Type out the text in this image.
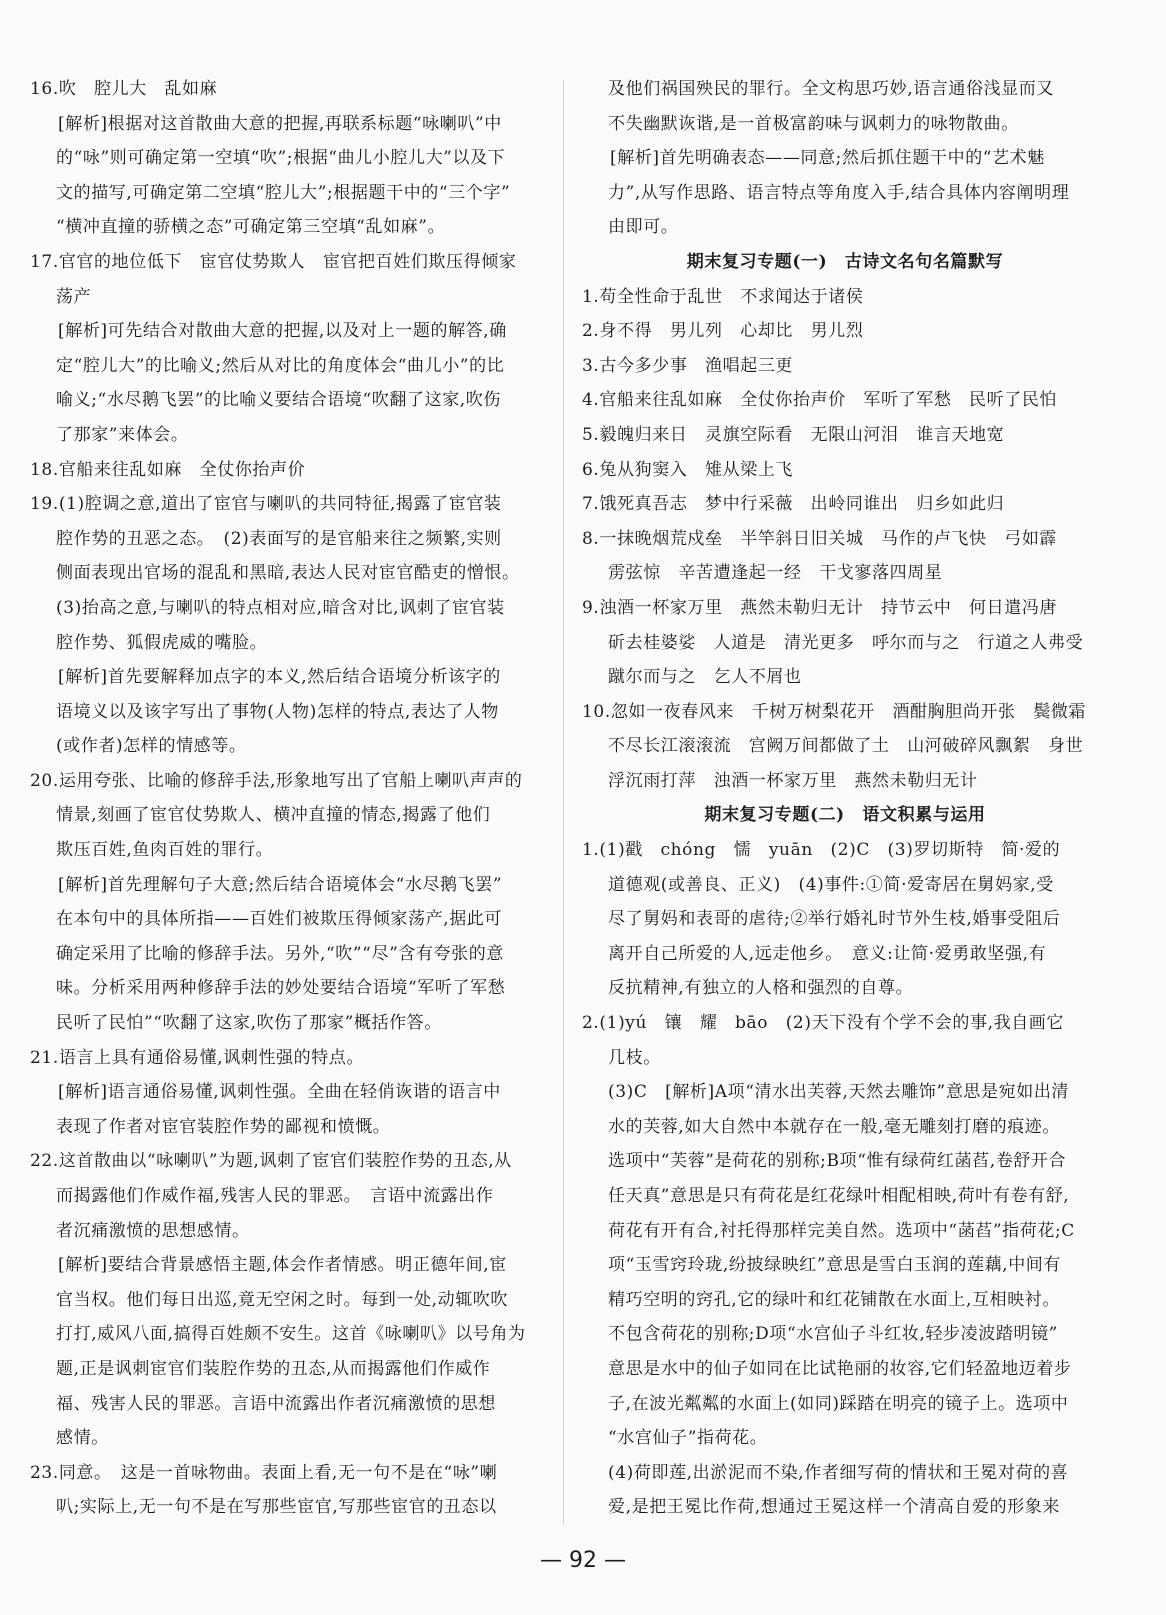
16.吹　腔儿大　乱如麻

[解析]根据对这首散曲大意的把握,再联系标题“咏喇叭”中

的“咏”则可确定第一空填“吹”;根据“曲儿小腔儿大”以及下

文的描写,可确定第二空填“腔儿大”;根据题干中的“三个字”

“横冲直撞的骄横之态”可确定第三空填“乱如麻”。

17.官官的地位低下　宦官仗势欺人　宦官把百姓们欺压得倾家

荡产

[解析]可先结合对散曲大意的把握,以及对上一题的解答,确

定“腔儿大”的比喻义;然后从对比的角度体会“曲儿小”的比

喻义;“水尽鹅飞罢”的比喻义要结合语境“吹翻了这家,吹伤

了那家”来体会。

18.官船来往乱如麻　全仗你抬声价

19.(1)腔调之意,道出了宦官与喇叭的共同特征,揭露了宦官装

腔作势的丑恶之态。　(2)表面写的是官船来往之频繁,实则

侧面表现出官场的混乱和黑暗,表达人民对宦官酷吏的憎恨。

(3)抬高之意,与喇叭的特点相对应,暗含对比,讽刺了宦官装

腔作势、狐假虎威的嘴脸。

[解析]首先要解释加点字的本义,然后结合语境分析该字的

语境义以及该字写出了事物(人物)怎样的特点,表达了人物

(或作者)怎样的情感等。

20.运用夸张、比喻的修辞手法,形象地写出了官船上喇叭声声的

情景,刻画了宦官仗势欺人、横冲直撞的情态,揭露了他们

欺压百姓,鱼肉百姓的罪行。

[解析]首先理解句子大意;然后结合语境体会“水尽鹅飞罢”

在本句中的具体所指——百姓们被欺压得倾家荡产,据此可

确定采用了比喻的修辞手法。另外,“吹”“尽”含有夸张的意

味。分析采用两种修辞手法的妙处要结合语境“军听了军愁

民听了民怕”“吹翻了这家,吹伤了那家”概括作答。

21.语言上具有通俗易懂,讽刺性强的特点。

[解析]语言通俗易懂,讽刺性强。全曲在轻俏诙谐的语言中

表现了作者对宦官装腔作势的鄙视和愤慨。

22.这首散曲以“咏喇叭”为题,讽刺了宦官们装腔作势的丑态,从

而揭露他们作威作福,残害人民的罪恶。　言语中流露出作

者沉痛激愤的思想感情。

[解析]要结合背景感悟主题,体会作者情感。明正德年间,宦

官当权。他们每日出巡,竟无空闲之时。每到一处,动辄吹吹

打打,威风八面,搞得百姓颇不安生。这首《咏喇叭》以号角为

题,正是讽刺宦官们装腔作势的丑态,从而揭露他们作威作

福、残害人民的罪恶。言语中流露出作者沉痛激愤的思想

感情。

23.同意。　这是一首咏物曲。表面上看,无一句不是在“咏”喇

叭;实际上,无一句不是在写那些宦官,写那些宦官的丑态以

及他们祸国殃民的罪行。全文构思巧妙,语言通俗浅显而又

不失幽默诙谐,是一首极富韵味与讽刺力的咏物散曲。

[解析]首先明确表态——同意;然后抓住题干中的“艺术魅

力”,从写作思路、语言特点等角度入手,结合具体内容阐明理

由即可。

期末复习专题(一)　古诗文名句名篇默写

1.苟全性命于乱世　不求闻达于诸侯

2.身不得　男儿列　心却比　男儿烈

3.古今多少事　渔唱起三更

4.官船来往乱如麻　全仗你抬声价　军听了军愁　民听了民怕

5.毅魄归来日　灵旗空际看　无限山河泪　谁言天地宽

6.兔从狗窦入　雉从梁上飞

7.饿死真吾志　梦中行采薇　出岭同谁出　归乡如此归

8.一抹晚烟荒戍垒　半竿斜日旧关城　马作的卢飞快　弓如霹

雳弦惊　辛苦遭逢起一经　干戈寥落四周星

9.浊酒一杯家万里　燕然未勒归无计　持节云中　何日遣冯唐

斫去桂婆娑　人道是　清光更多　呼尔而与之　行道之人弗受

蹴尔而与之　乞人不屑也

10.忽如一夜春风来　千树万树梨花开　酒酣胸胆尚开张　鬓微霜

不尽长江滚滚流　宫阙万间都做了土　山河破碎风飘絮　身世

浮沉雨打萍　浊酒一杯家万里　燕然未勒归无计

期末复习专题(二)　语文积累与运用

1.(1)戳　chóng　懦　yuān　(2)C　(3)罗切斯特　简·爱的

道德观(或善良、正义)　(4)事件:①简·爱寄居在舅妈家,受

尽了舅妈和表哥的虐待;②举行婚礼时节外生枝,婚事受阻后

离开自己所爱的人,远走他乡。　意义:让简·爱勇敢坚强,有

反抗精神,有独立的人格和强烈的自尊。

2.(1)yú　镶　耀　bāo　(2)天下没有个学不会的事,我自画它

几枝。

(3)C　[解析]A项“清水出芙蓉,天然去雕饰”意思是宛如出清

水的芙蓉,如大自然中本就存在一般,毫无雕刻打磨的痕迹。

选项中“芙蓉”是荷花的别称;B项“惟有绿荷红菡萏,卷舒开合

任天真”意思是只有荷花是红花绿叶相配相映,荷叶有卷有舒,

荷花有开有合,衬托得那样完美自然。选项中“菡萏”指荷花;C

项“玉雪窍玲珑,纷披绿映红”意思是雪白玉润的莲藕,中间有

精巧空明的窍孔,它的绿叶和红花铺散在水面上,互相映衬。

不包含荷花的别称;D项“水宫仙子斗红妆,轻步凌波踏明镜”

意思是水中的仙子如同在比试艳丽的妆容,它们轻盈地迈着步

子,在波光粼粼的水面上(如同)踩踏在明亮的镜子上。选项中

“水宫仙子”指荷花。

(4)荷即莲,出淤泥而不染,作者细写荷的情状和王冕对荷的喜

爱,是把王冕比作荷,想通过王冕这样一个清高自爱的形象来

— 92 —
